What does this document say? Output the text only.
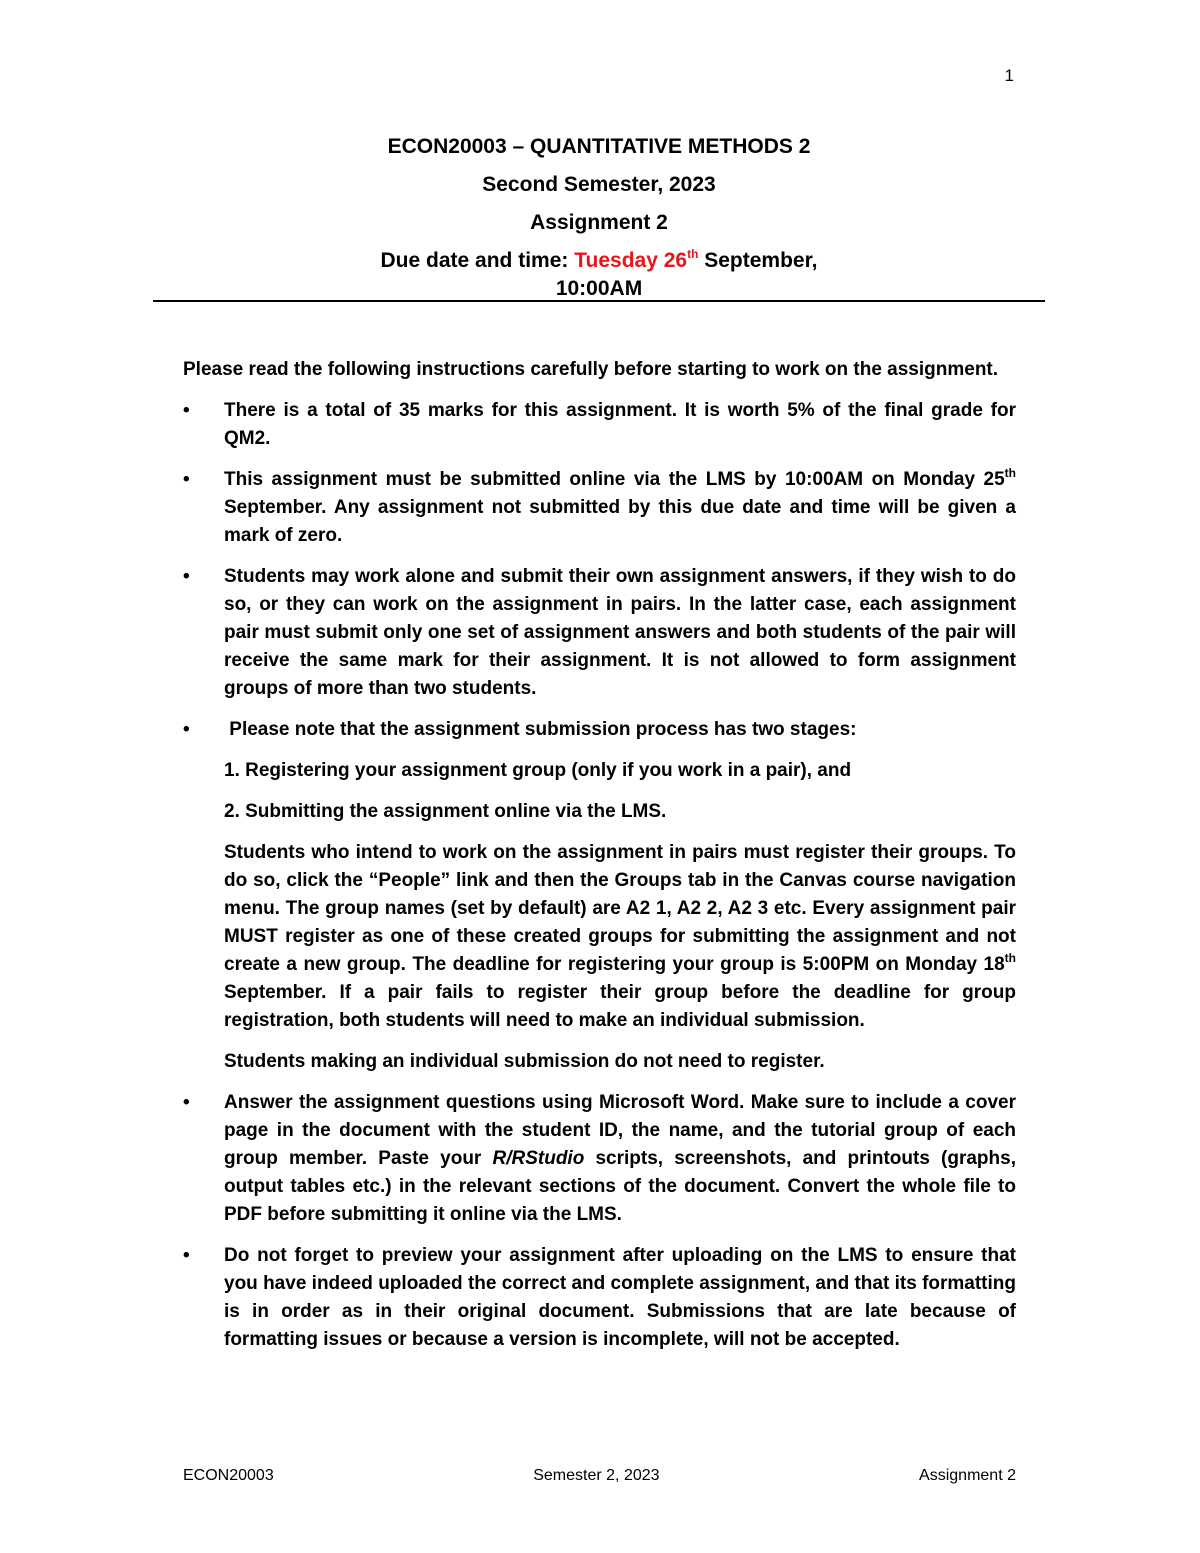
1
ECON20003 – QUANTITATIVE METHODS 2
Second Semester, 2023
Assignment 2
Due date and time: Tuesday 26th September,
10:00AM

Please read the following instructions carefully before starting to work on the assignment.

• There is a total of 35 marks for this assignment. It is worth 5% of the final grade for QM2.
• This assignment must be submitted online via the LMS by 10:00AM on Monday 25th September. Any assignment not submitted by this due date and time will be given a mark of zero.
• Students may work alone and submit their own assignment answers, if they wish to do so, or they can work on the assignment in pairs. In the latter case, each assignment pair must submit only one set of assignment answers and both students of the pair will receive the same mark for their assignment. It is not allowed to form assignment groups of more than two students.
• Please note that the assignment submission process has two stages:
1. Registering your assignment group (only if you work in a pair), and
2. Submitting the assignment online via the LMS.
Students who intend to work on the assignment in pairs must register their groups. To do so, click the “People” link and then the Groups tab in the Canvas course navigation menu. The group names (set by default) are A2 1, A2 2, A2 3 etc. Every assignment pair MUST register as one of these created groups for submitting the assignment and not create a new group. The deadline for registering your group is 5:00PM on Monday 18th September. If a pair fails to register their group before the deadline for group registration, both students will need to make an individual submission.
Students making an individual submission do not need to register.
• Answer the assignment questions using Microsoft Word. Make sure to include a cover page in the document with the student ID, the name, and the tutorial group of each group member. Paste your R/RStudio scripts, screenshots, and printouts (graphs, output tables etc.) in the relevant sections of the document. Convert the whole file to PDF before submitting it online via the LMS.
• Do not forget to preview your assignment after uploading on the LMS to ensure that you have indeed uploaded the correct and complete assignment, and that its formatting is in order as in their original document. Submissions that are late because of formatting issues or because a version is incomplete, will not be accepted.
ECON20003	Semester 2, 2023	Assignment 2
